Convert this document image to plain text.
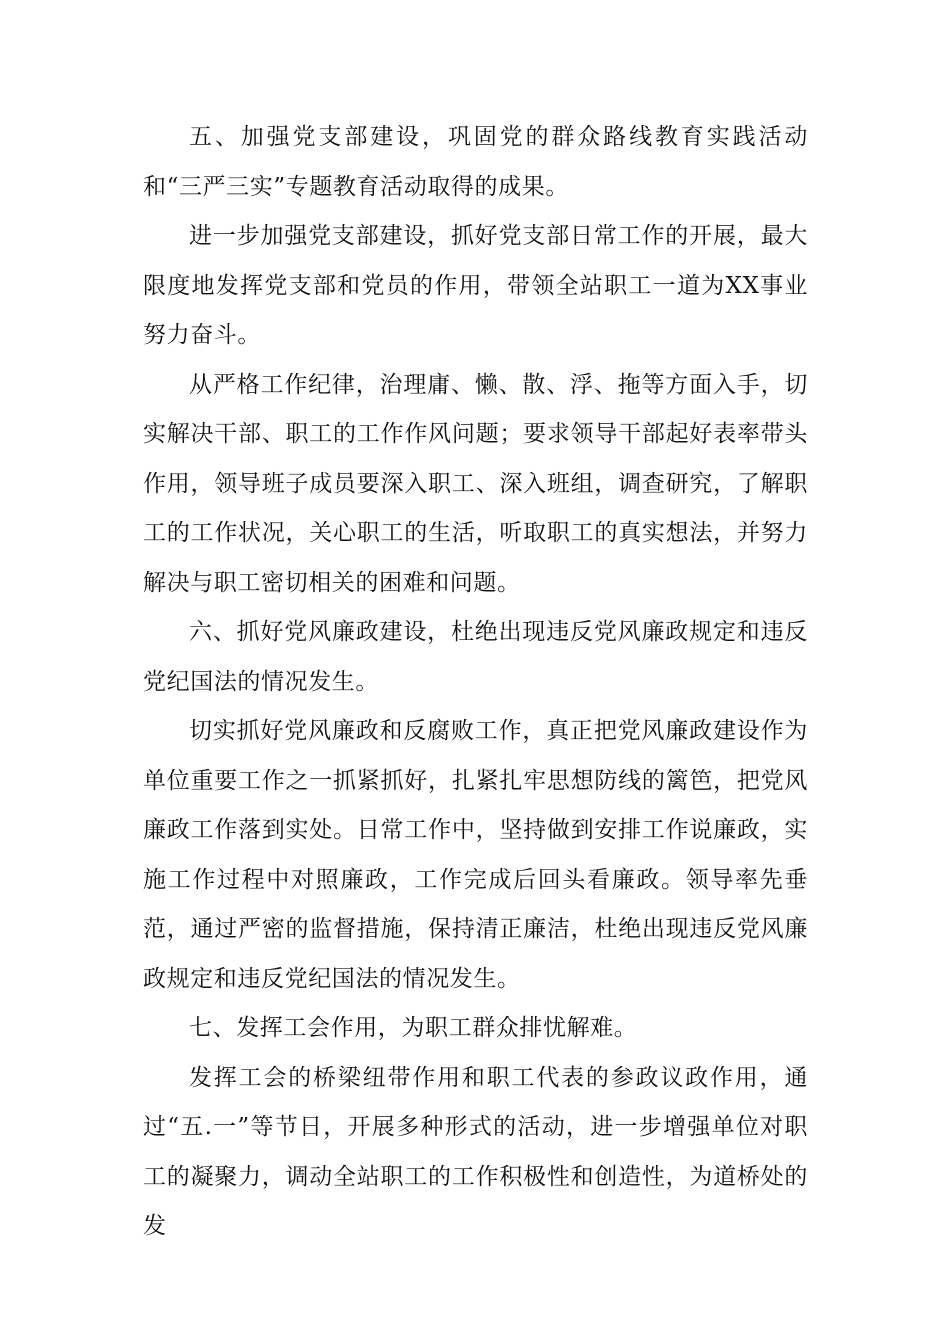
五、加强党支部建设，巩固党的群众路线教育实践活动和“三严三实”专题教育活动取得的成果。

进一步加强党支部建设，抓好党支部日常工作的开展，最大限度地发挥党支部和党员的作用，带领全站职工一道为XX事业努力奋斗。

从严格工作纪律，治理庸、懒、散、浮、拖等方面入手，切实解决干部、职工的工作作风问题；要求领导干部起好表率带头作用，领导班子成员要深入职工、深入班组，调查研究，了解职工的工作状况，关心职工的生活，听取职工的真实想法，并努力解决与职工密切相关的困难和问题。

六、抓好党风廉政建设，杜绝出现违反党风廉政规定和违反党纪国法的情况发生。

切实抓好党风廉政和反腐败工作，真正把党风廉政建设作为单位重要工作之一抓紧抓好，扎紧扎牢思想防线的篱笆，把党风廉政工作落到实处。日常工作中，坚持做到安排工作说廉政，实施工作过程中对照廉政，工作完成后回头看廉政。领导率先垂范，通过严密的监督措施，保持清正廉洁，杜绝出现违反党风廉政规定和违反党纪国法的情况发生。

七、发挥工会作用，为职工群众排忧解难。

发挥工会的桥梁纽带作用和职工代表的参政议政作用，通过“五.一”等节日，开展多种形式的活动，进一步增强单位对职工的凝聚力，调动全站职工的工作积极性和创造性，为道桥处的发
